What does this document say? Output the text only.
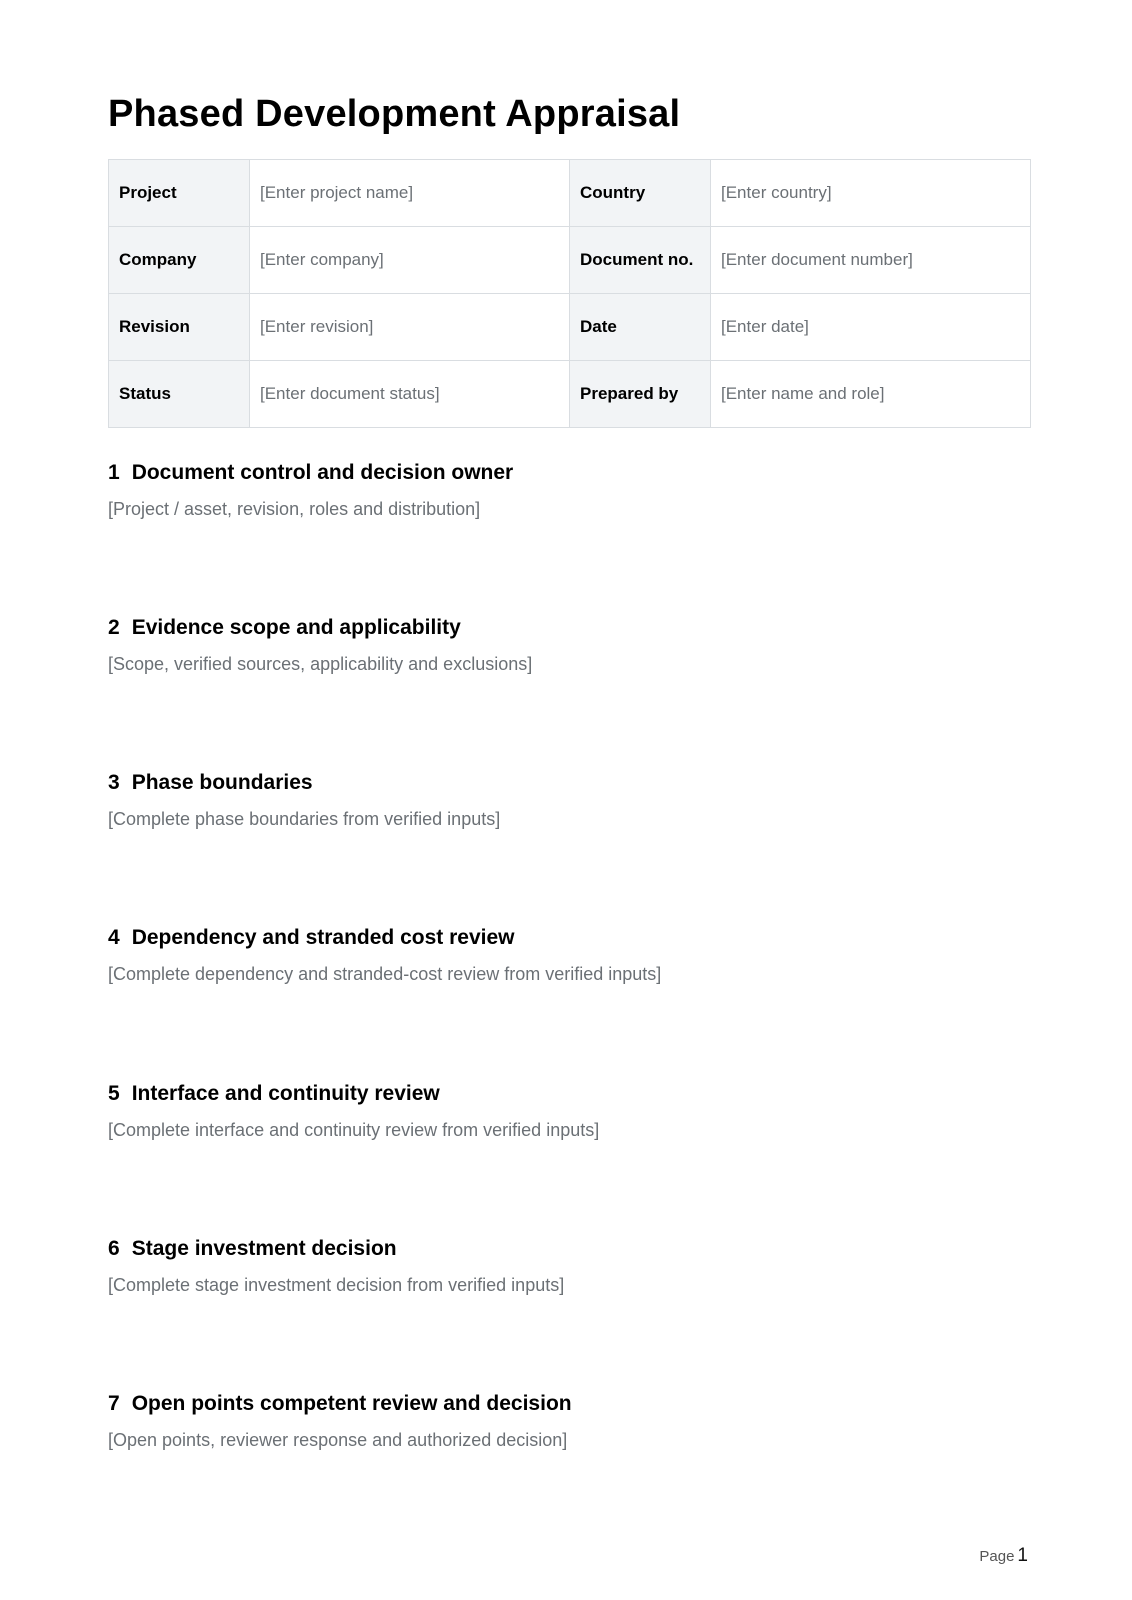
Phased Development Appraisal
Project	[Enter project name]	Country	[Enter country]
Company	[Enter company]	Document no.	[Enter document number]
Revision	[Enter revision]	Date	[Enter date]
Status	[Enter document status]	Prepared by	[Enter name and role]
1 Document control and decision owner

[Project / asset, revision, roles and distribution]

2 Evidence scope and applicability

[Scope, verified sources, applicability and exclusions]

3 Phase boundaries

[Complete phase boundaries from verified inputs]

4 Dependency and stranded cost review

[Complete dependency and stranded-cost review from verified inputs]

5 Interface and continuity review

[Complete interface and continuity review from verified inputs]

6 Stage investment decision

[Complete stage investment decision from verified inputs]

7 Open points competent review and decision

[Open points, reviewer response and authorized decision]

Page 1
